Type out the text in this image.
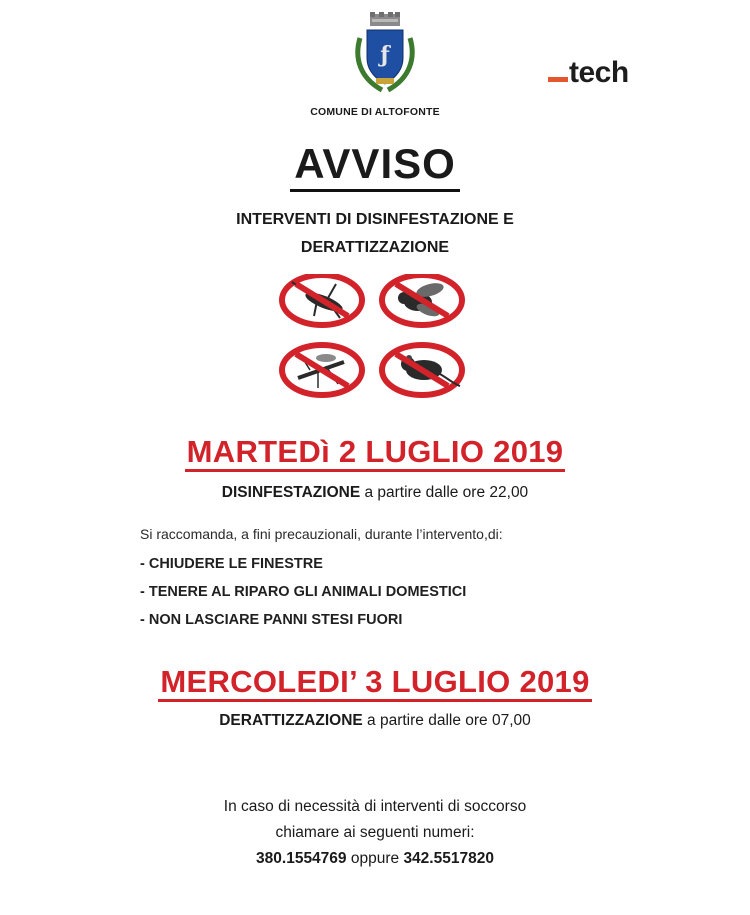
ƒ
COMUNE DI ALTOFONTE
tech
AVVISO
INTERVENTI DI DISINFESTAZIONE E
DERATTIZZAZIONE
MARTEDì 2 LUGLIO 2019
DISINFESTAZIONE a partire dalle ore 22,00
Si raccomanda, a fini precauzionali, durante l’intervento,di:
- CHIUDERE LE FINESTRE
- TENERE AL RIPARO GLI ANIMALI DOMESTICI
- NON LASCIARE PANNI STESI FUORI
MERCOLEDI’ 3 LUGLIO 2019
DERATTIZZAZIONE a partire dalle ore 07,00
In caso di necessità di interventi di soccorso
chiamare ai seguenti numeri:
380.1554769 oppure 342.5517820
